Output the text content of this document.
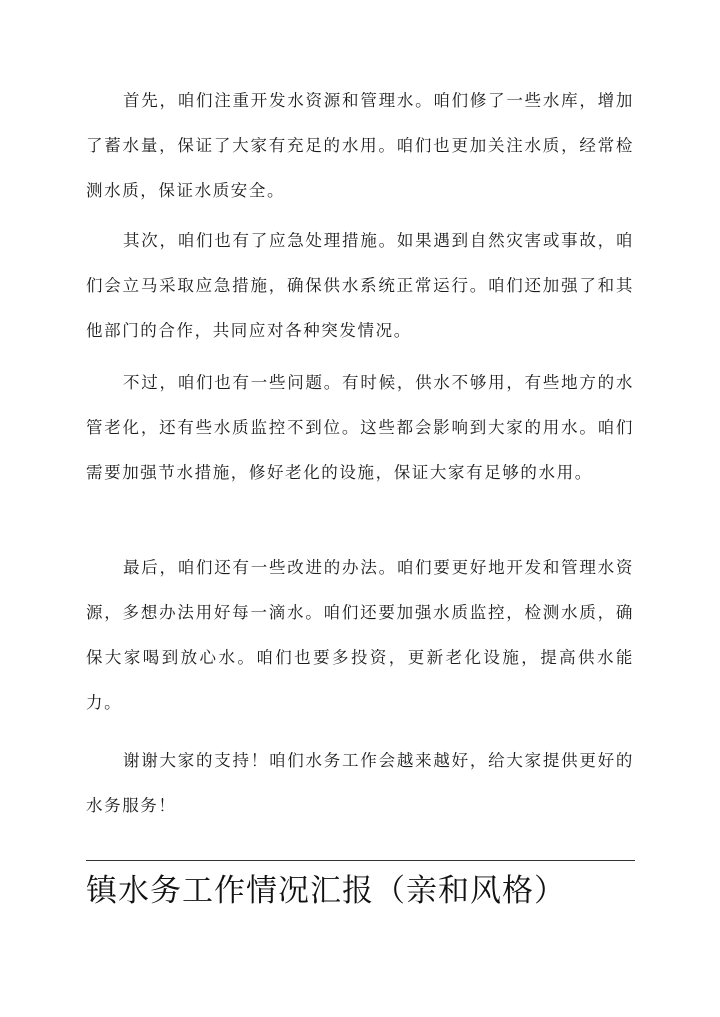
首先，咱们注重开发水资源和管理水。咱们修了一些水库，增加了蓄水量，保证了大家有充足的水用。咱们也更加关注水质，经常检测水质，保证水质安全。

其次，咱们也有了应急处理措施。如果遇到自然灾害或事故，咱们会立马采取应急措施，确保供水系统正常运行。咱们还加强了和其他部门的合作，共同应对各种突发情况。

不过，咱们也有一些问题。有时候，供水不够用，有些地方的水管老化，还有些水质监控不到位。这些都会影响到大家的用水。咱们需要加强节水措施，修好老化的设施，保证大家有足够的水用。

最后，咱们还有一些改进的办法。咱们要更好地开发和管理水资源，多想办法用好每一滴水。咱们还要加强水质监控，检测水质，确保大家喝到放心水。咱们也要多投资，更新老化设施，提高供水能力。

谢谢大家的支持！咱们水务工作会越来越好，给大家提供更好的水务服务！

镇水务工作情况汇报（亲和风格）
